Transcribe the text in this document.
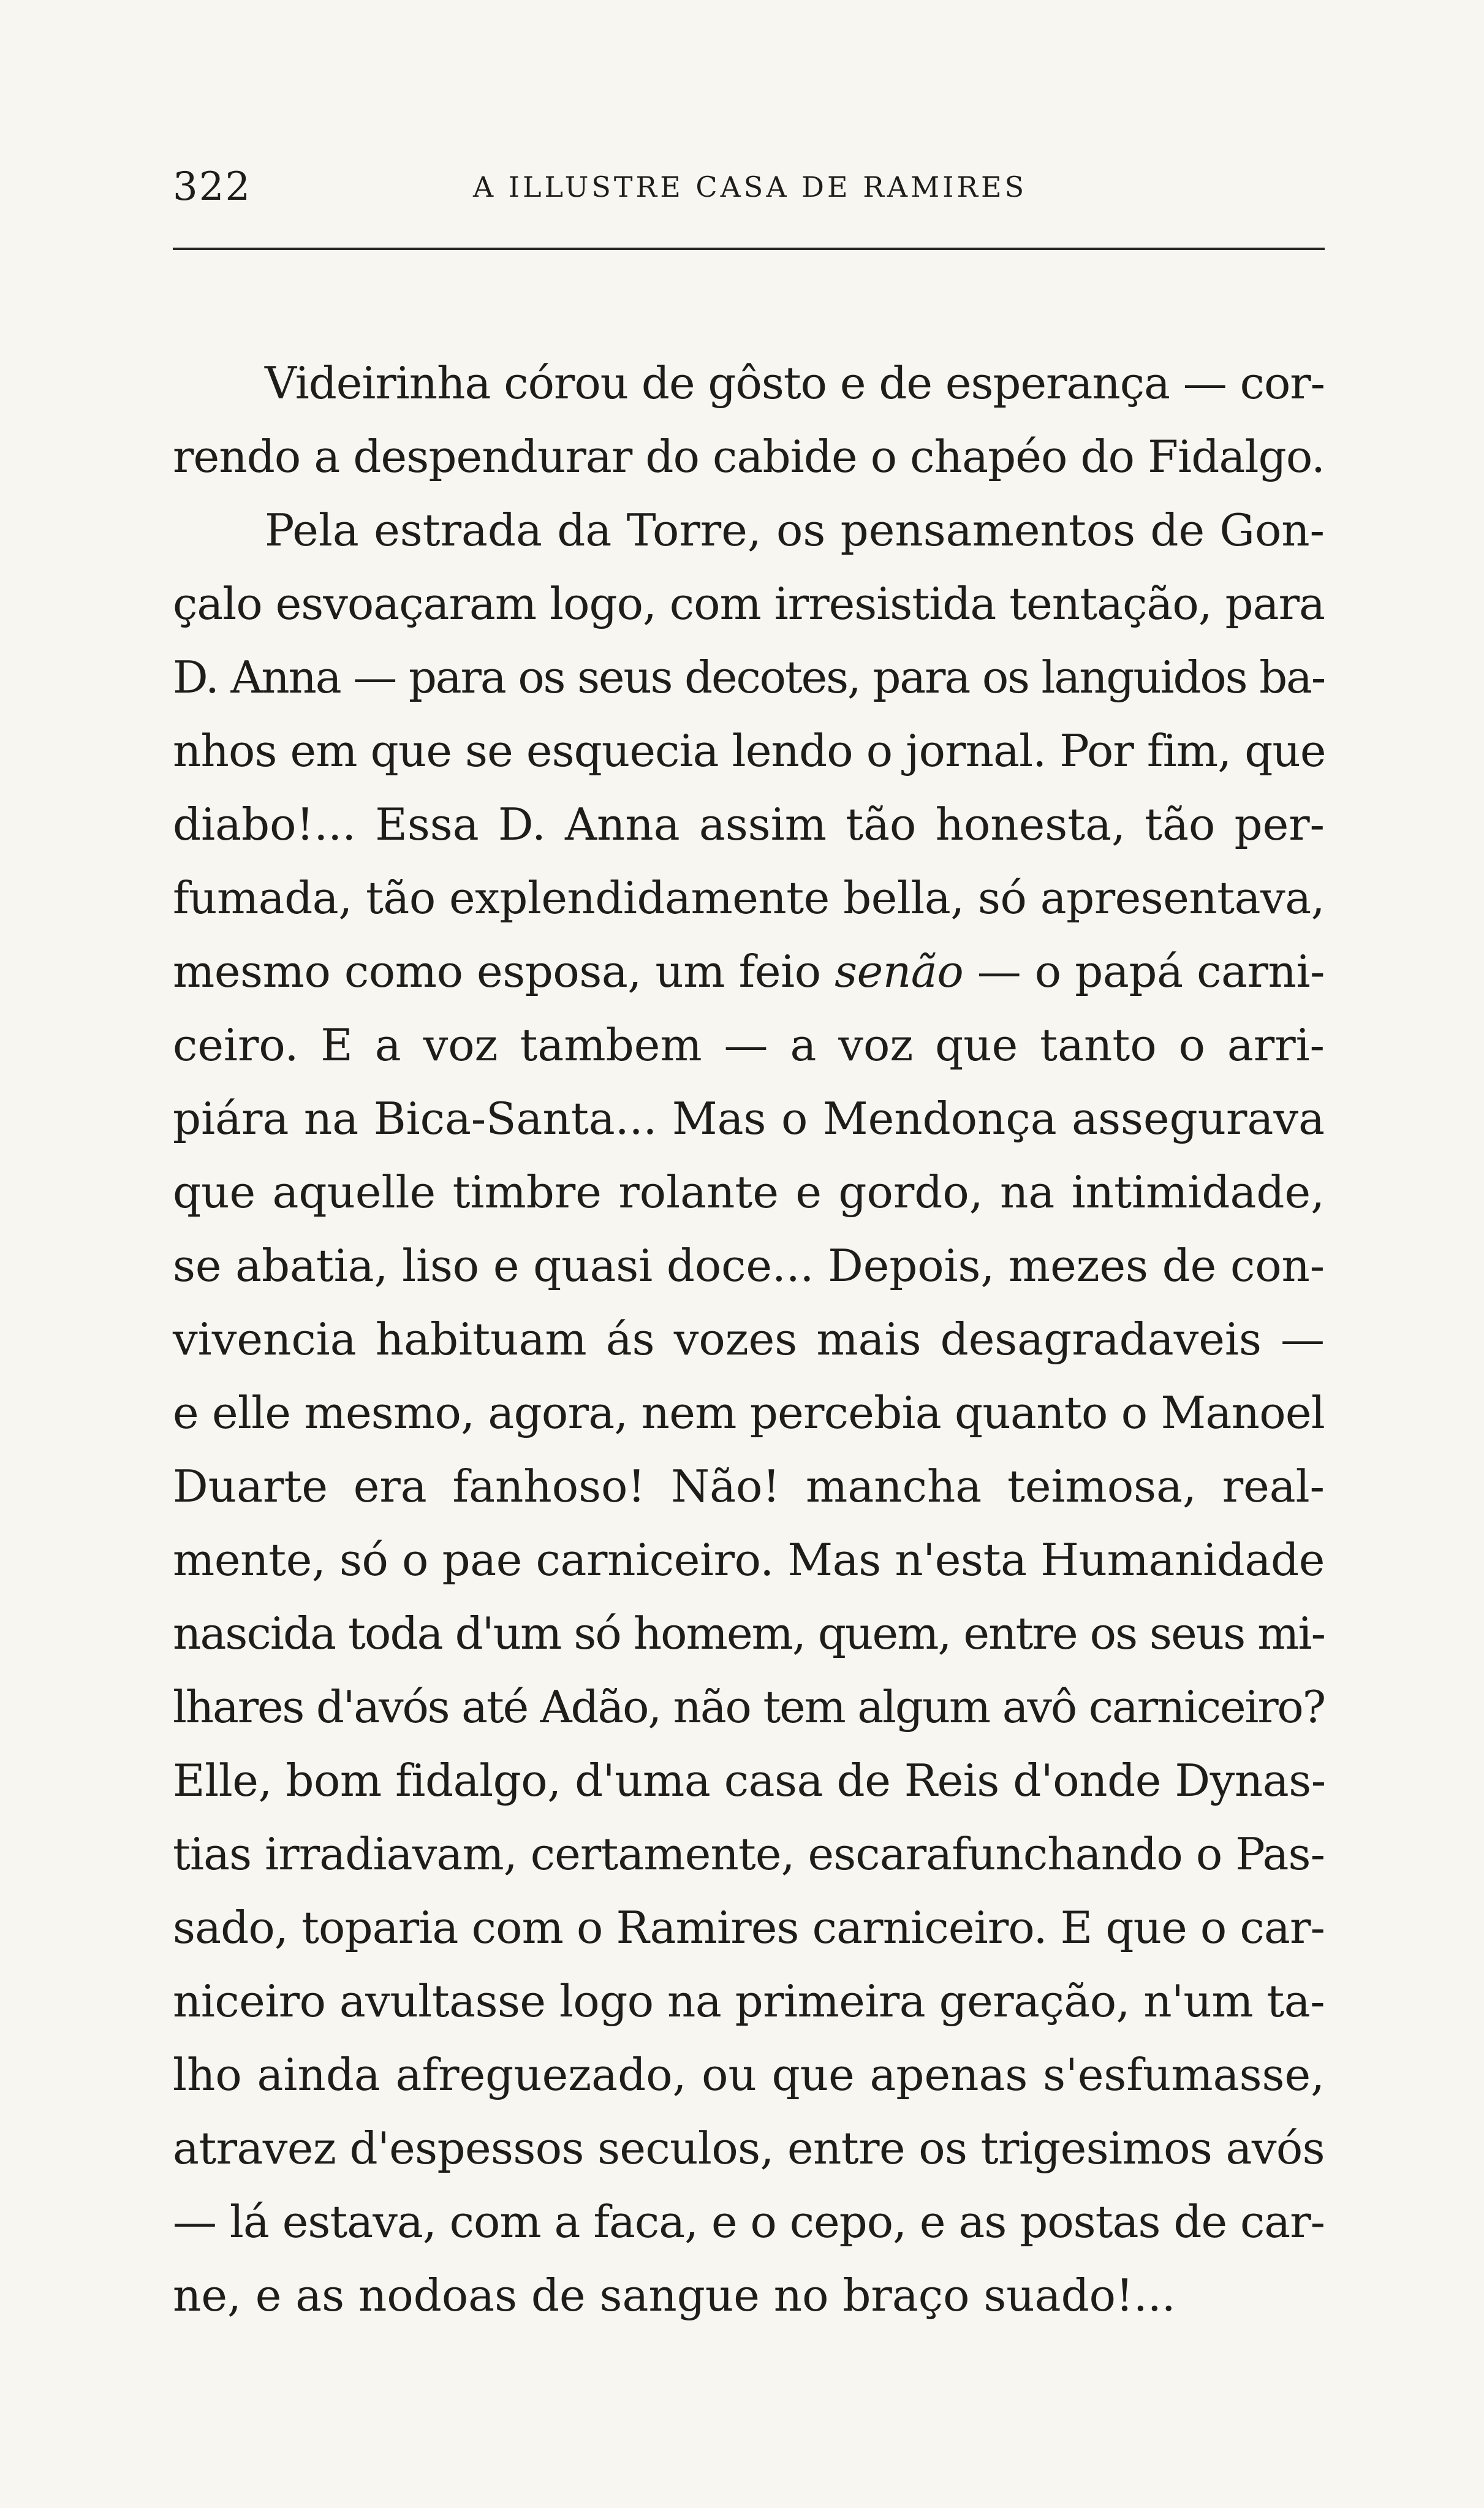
322	A ILLUSTRE CASA DE RAMIRES
Videirinha córou de gôsto e de esperança — cor-
rendo a despendurar do cabide o chapéo do Fidalgo.
Pela estrada da Torre, os pensamentos de Gon-
çalo esvoaçaram logo, com irresistida tentação, para
D. Anna — para os seus decotes, para os languidos ba-
nhos em que se esquecia lendo o jornal. Por fim, que
diabo!... Essa D. Anna assim tão honesta, tão per-
fumada, tão explendidamente bella, só apresentava,
mesmo como esposa, um feio senão — o papá carni-
ceiro. E a voz tambem — a voz que tanto o arri-
piára na Bica-Santa... Mas o Mendonça assegurava
que aquelle timbre rolante e gordo, na intimidade,
se abatia, liso e quasi doce... Depois, mezes de con-
vivencia habituam ás vozes mais desagradaveis —
e elle mesmo, agora, nem percebia quanto o Manoel
Duarte era fanhoso! Não! mancha teimosa, real-
mente, só o pae carniceiro. Mas n'esta Humanidade
nascida toda d'um só homem, quem, entre os seus mi-
lhares d'avós até Adão, não tem algum avô carniceiro?
Elle, bom fidalgo, d'uma casa de Reis d'onde Dynas-
tias irradiavam, certamente, escarafunchando o Pas-
sado, toparia com o Ramires carniceiro. E que o car-
niceiro avultasse logo na primeira geração, n'um ta-
lho ainda afreguezado, ou que apenas s'esfumasse,
atravez d'espessos seculos, entre os trigesimos avós
— lá estava, com a faca, e o cepo, e as postas de car-
ne, e as nodoas de sangue no braço suado!...
